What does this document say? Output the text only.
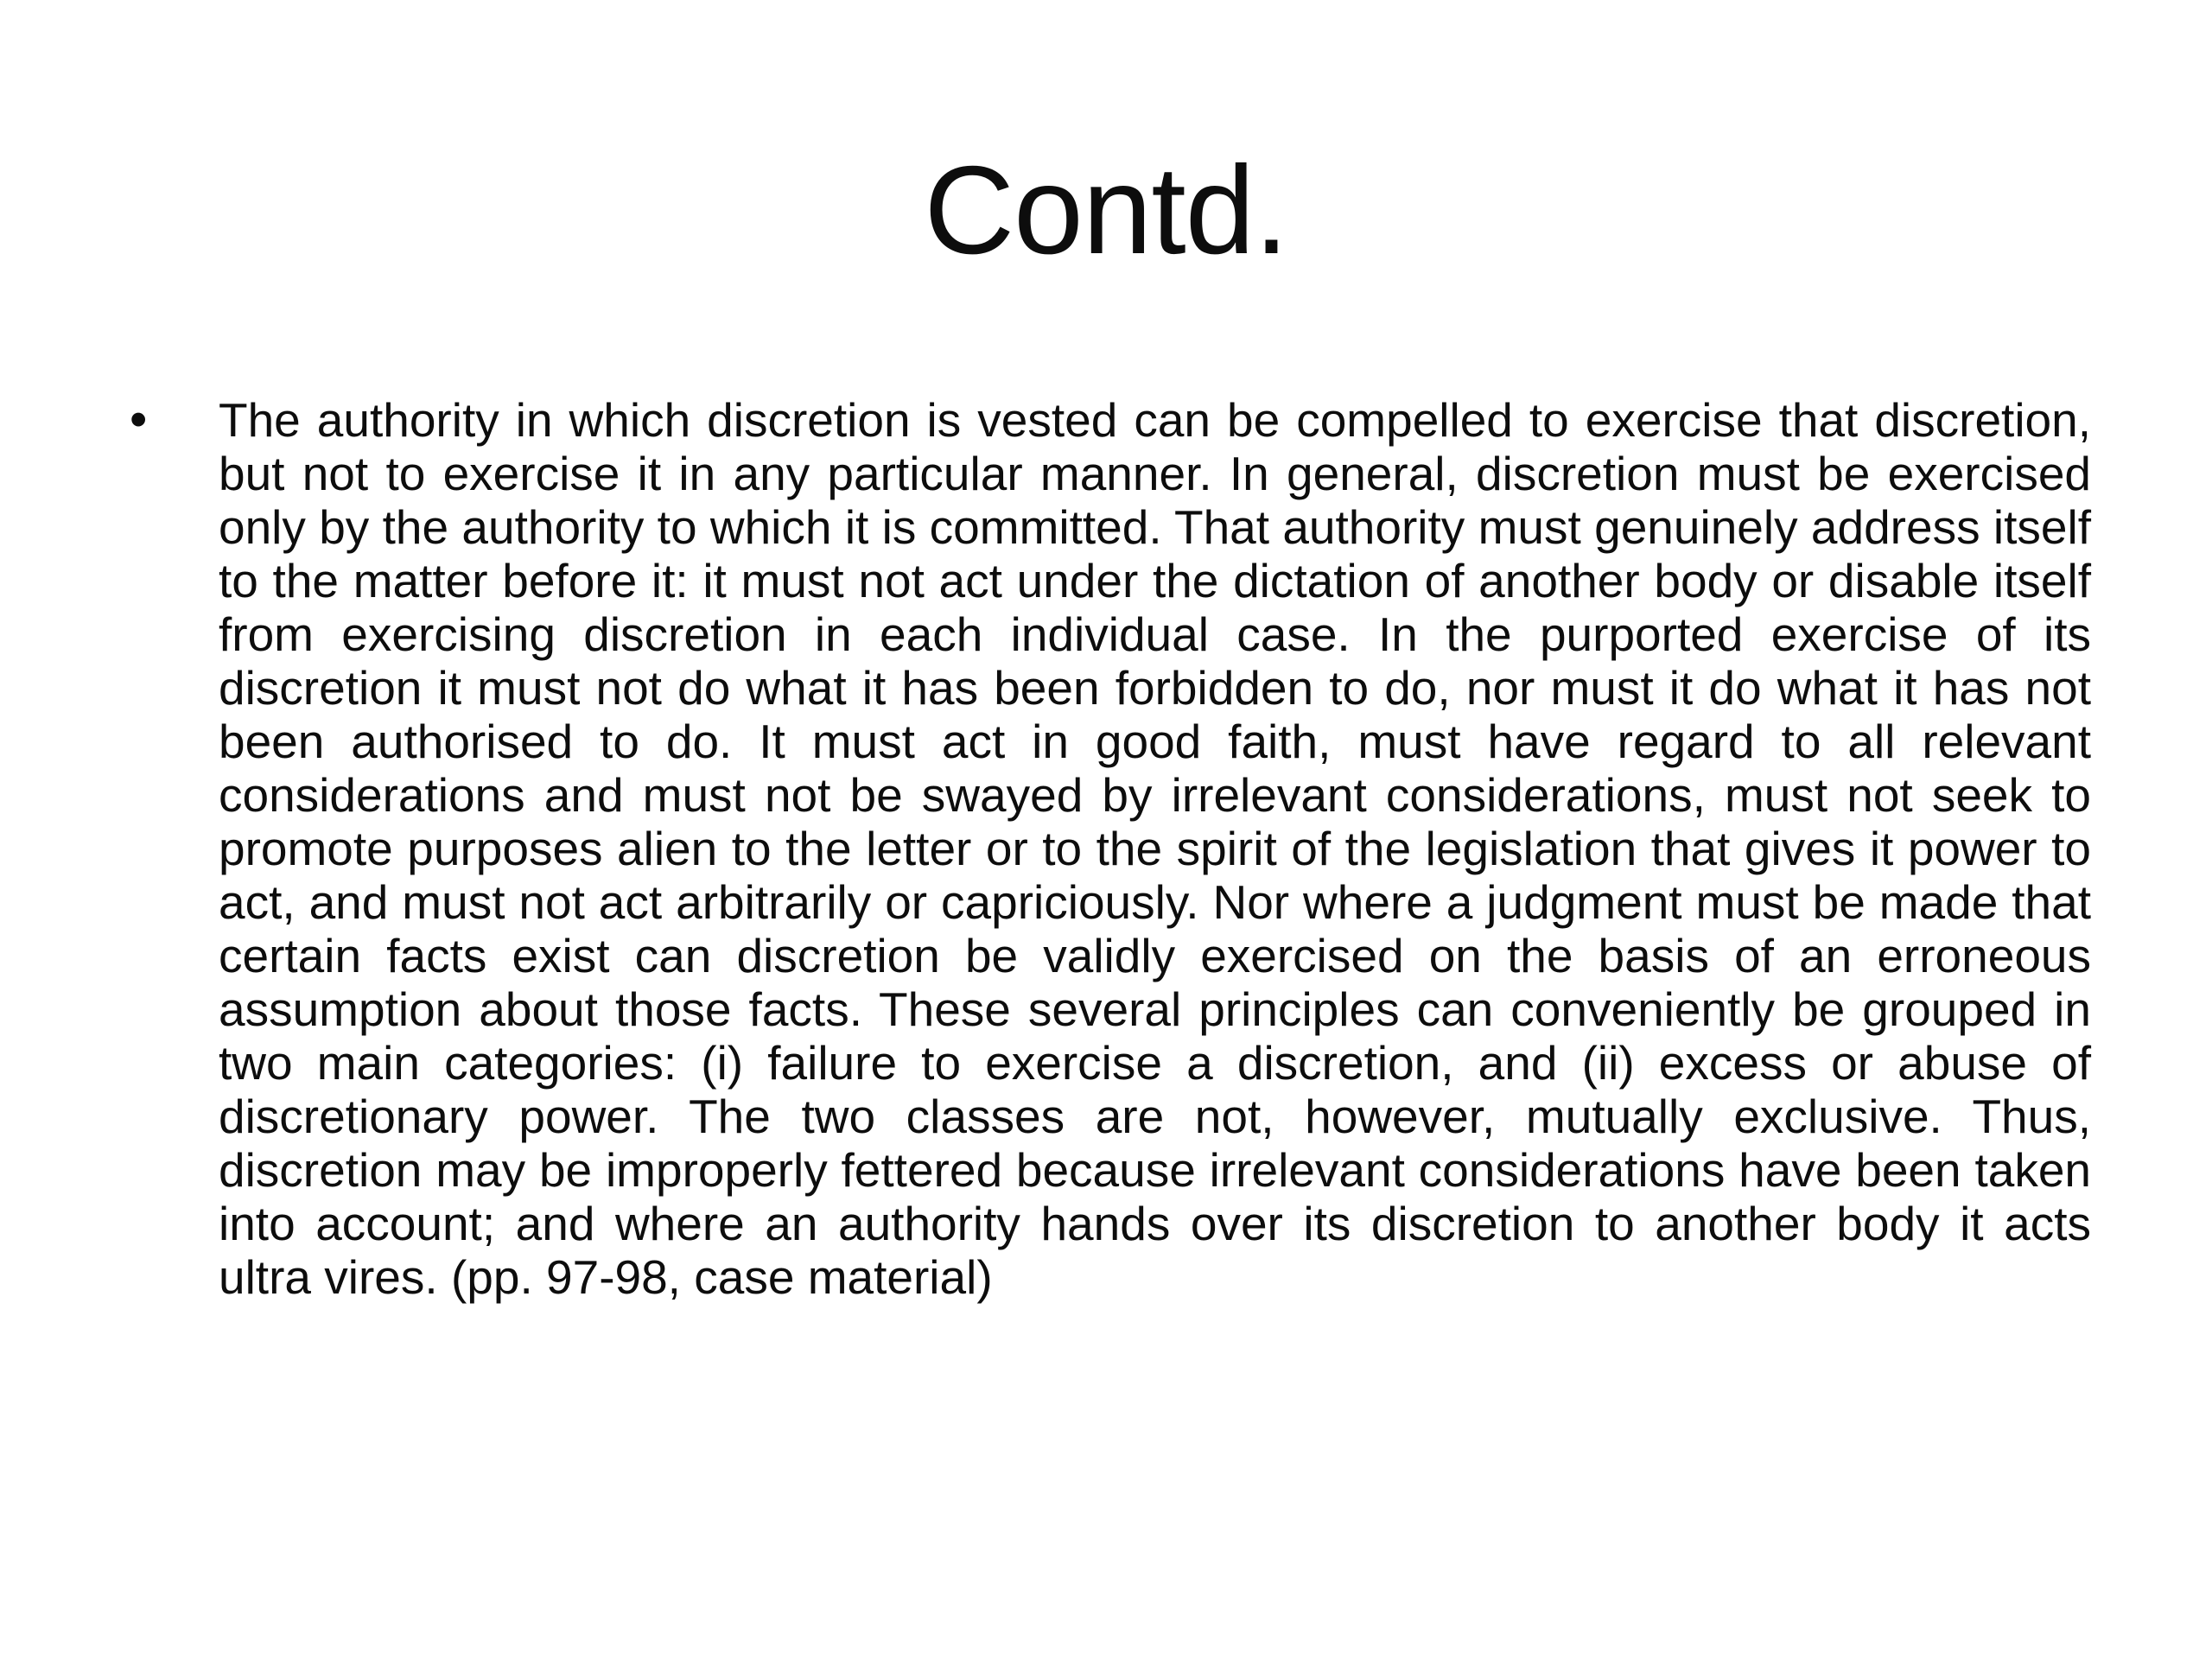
Contd.
• The authority in which discretion is vested can be compelled to exercise that discretion, but not to exercise it in any particular manner. In general, discretion must be exercised only by the authority to which it is committed. That authority must genuinely address itself to the matter before it: it must not act under the dictation of another body or disable itself from exercising discretion in each individual case. In the purported exercise of its discretion it must not do what it has been forbidden to do, nor must it do what it has not been authorised to do. It must act in good faith, must have regard to all relevant considerations and must not be swayed by irrelevant considerations, must not seek to promote purposes alien to the letter or to the spirit of the legislation that gives it power to act, and must not act arbitrarily or capriciously. Nor where a judgment must be made that certain facts exist can discretion be validly exercised on the basis of an erroneous assumption about those facts. These several principles can conveniently be grouped in two main categories: (i) failure to exercise a discretion, and (ii) excess or abuse of discretionary power. The two classes are not, however, mutually exclusive. Thus, discretion may be improperly fettered because irrelevant considerations have been taken into account; and where an authority hands over its discretion to another body it acts ultra vires. (pp. 97-98, case material)
